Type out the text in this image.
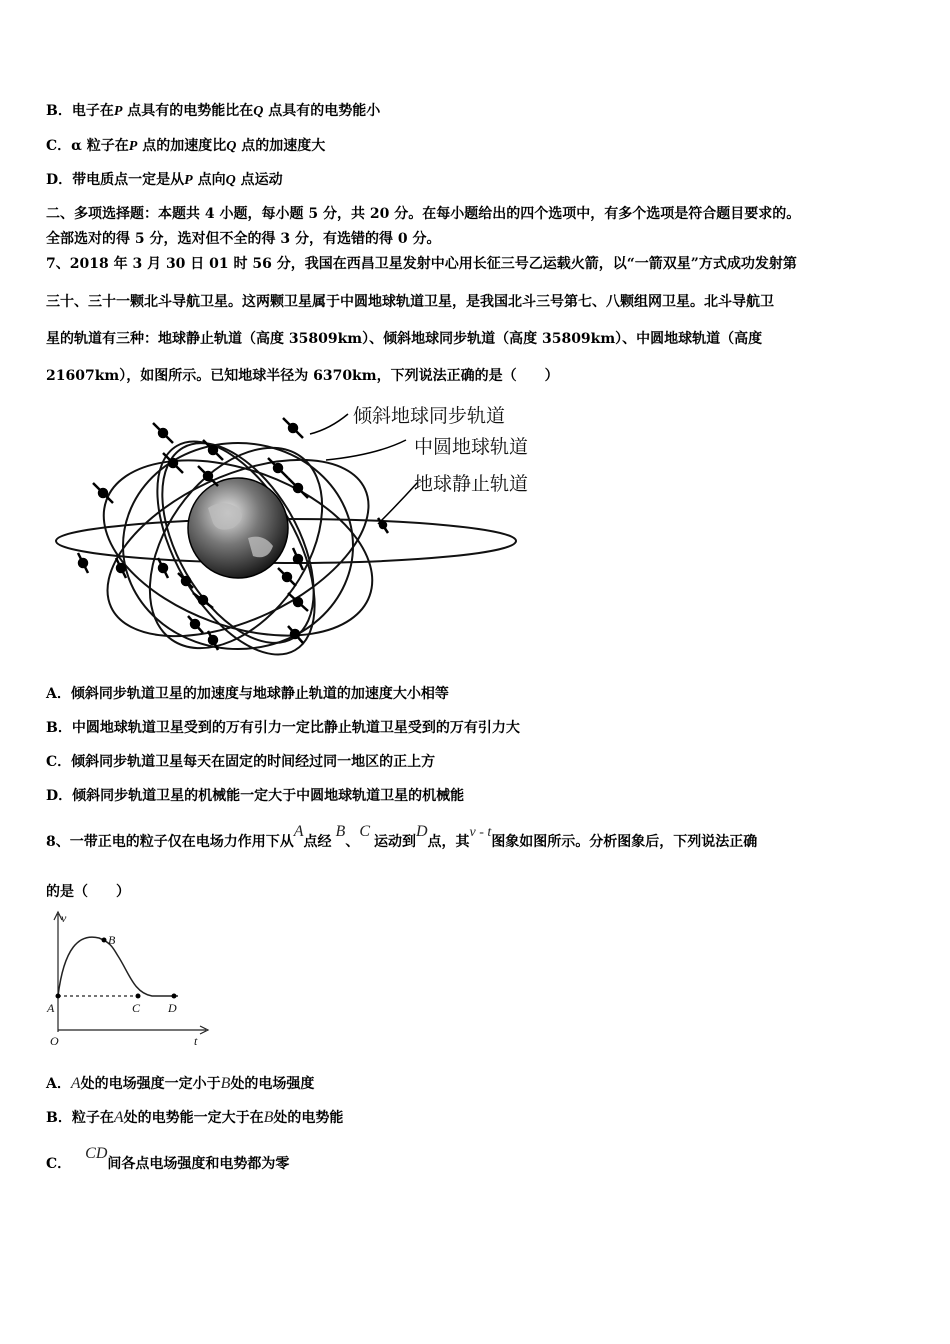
B．电子在P 点具有的电势能比在Q 点具有的电势能小
C．α 粒子在P 点的加速度比Q 点的加速度大
D．带电质点一定是从P 点向Q 点运动
二、多项选择题：本题共 4 小题，每小题 5 分，共 20 分。在每小题给出的四个选项中，有多个选项是符合题目要求的。
全部选对的得 5 分，选对但不全的得 3 分，有选错的得 0 分。
7、2018 年 3 月 30 日 01 时 56 分，我国在西昌卫星发射中心用长征三号乙运载火箭，以“一箭双星”方式成功发射第
三十、三十一颗北斗导航卫星。这两颗卫星属于中圆地球轨道卫星，是我国北斗三号第七、八颗组网卫星。北斗导航卫
星的轨道有三种：地球静止轨道（高度 35809km）、倾斜地球同步轨道（高度 35809km）、中圆地球轨道（高度
21607km），如图所示。已知地球半径为 6370km，下列说法正确的是（　　）
倾斜地球同步轨道
中圆地球轨道
地球静止轨道
A．倾斜同步轨道卫星的加速度与地球静止轨道的加速度大小相等
B．中圆地球轨道卫星受到的万有引力一定比静止轨道卫星受到的万有引力大
C．倾斜同步轨道卫星每天在固定的时间经过同一地区的正上方
D．倾斜同步轨道卫星的机械能一定大于中圆地球轨道卫星的机械能
8、一带正电的粒子仅在电场力作用下从A点经B、C运动到D点，其v - t图象如图所示。分析图象后，下列说法正确
的是（　　）
v
B
A	C D
O	t
A．A处的电场强度一定小于B处的电场强度
B．粒子在A处的电势能一定大于在B处的电势能
C．CD间各点电场强度和电势都为零
